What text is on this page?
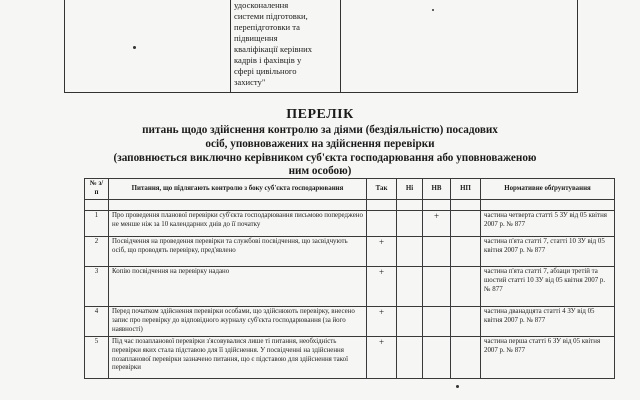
удосконалення
системи підготовки,
перепідготовки та
підвищення
кваліфікації керівних
кадрів і фахівців у
сфері цивільного
захисту"
ПЕРЕЛІК
питань щодо здійснення контролю за діями (бездіяльністю) посадових
осіб, уповноважених на здійснення перевірки
(заповнюється виключно керівником суб'єкта господарювання або уповноваженою
ним особою)
№ з/п	Питання, що підлягають контролю з боку суб'єкта господарювання	Так	Ні	НВ	НП	Нормативне обґрунтування

1	Про проведення планової перевірки суб'єкта господарювання письмово попереджено не менше ніж за 10 календарних днів до її початку			+		частина четверта статті 5 ЗУ від 05 квітня 2007 р. № 877
2	Посвідчення на проведення перевірки та службові посвідчення, що засвідчують осіб, що проводять перевірку, пред'явлено	+				частина п'ята статті 7, статті 10 ЗУ від 05 квітня 2007 р. № 877
3	Копію посвідчення на перевірку надано	+				частина п'ята статті 7, абзаци третій та шостий статті 10 ЗУ від 05 квітня 2007 р. № 877
4	Перед початком здійснення перевірки особами, що здійснюють перевірку, внесено запис про перевірку до відповідного журналу суб'єкта господарювання (за його наявності)	+				частина дванадцята статті 4 ЗУ від 05 квітня 2007 р. № 877
5	Під час позапланової перевірки з'ясовувалися лише ті питання, необхідність перевірки яких стала підставою для її здійснення. У посвідченні на здійснення позапланової перевірки зазначено питання, що є підставою для здійснення такої перевірки	+				частина перша статті 6 ЗУ від 05 квітня 2007 р. № 877
